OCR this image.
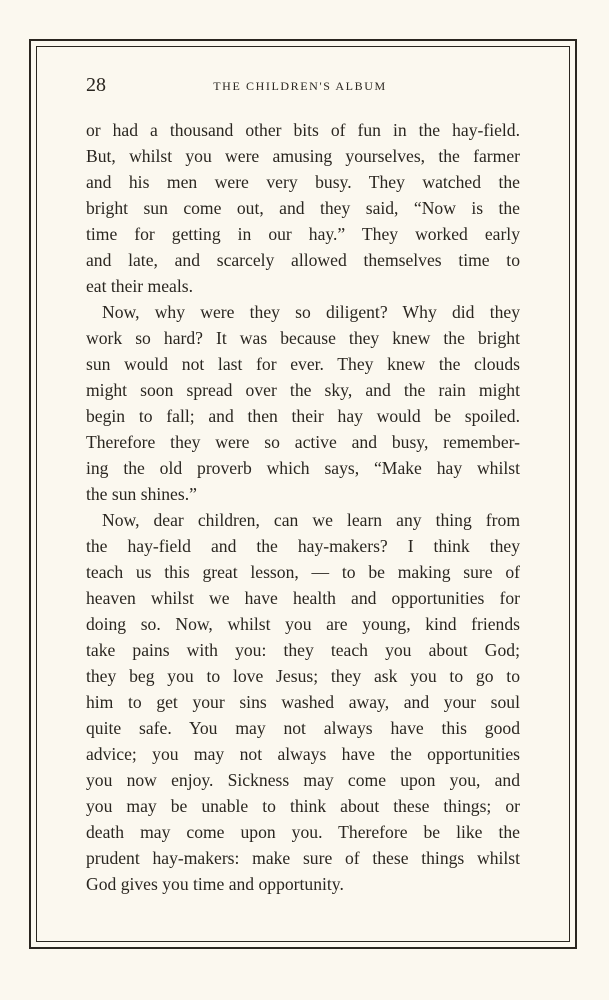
28	THE CHILDREN'S ALBUM
or had a thousand other bits of fun in the hay-field.
But, whilst you were amusing yourselves, the farmer
and his men were very busy. They watched the
bright sun come out, and they said, “Now is the
time for getting in our hay.” They worked early
and late, and scarcely allowed themselves time to
eat their meals.
Now, why were they so diligent? Why did they
work so hard? It was because they knew the bright
sun would not last for ever. They knew the clouds
might soon spread over the sky, and the rain might
begin to fall; and then their hay would be spoiled.
Therefore they were so active and busy, remember-
ing the old proverb which says, “Make hay whilst
the sun shines.”
Now, dear children, can we learn any thing from
the hay-field and the hay-makers? I think they
teach us this great lesson, — to be making sure of
heaven whilst we have health and opportunities for
doing so. Now, whilst you are young, kind friends
take pains with you: they teach you about God;
they beg you to love Jesus; they ask you to go to
him to get your sins washed away, and your soul
quite safe. You may not always have this good
advice; you may not always have the opportunities
you now enjoy. Sickness may come upon you, and
you may be unable to think about these things; or
death may come upon you. Therefore be like the
prudent hay-makers: make sure of these things whilst
God gives you time and opportunity.
